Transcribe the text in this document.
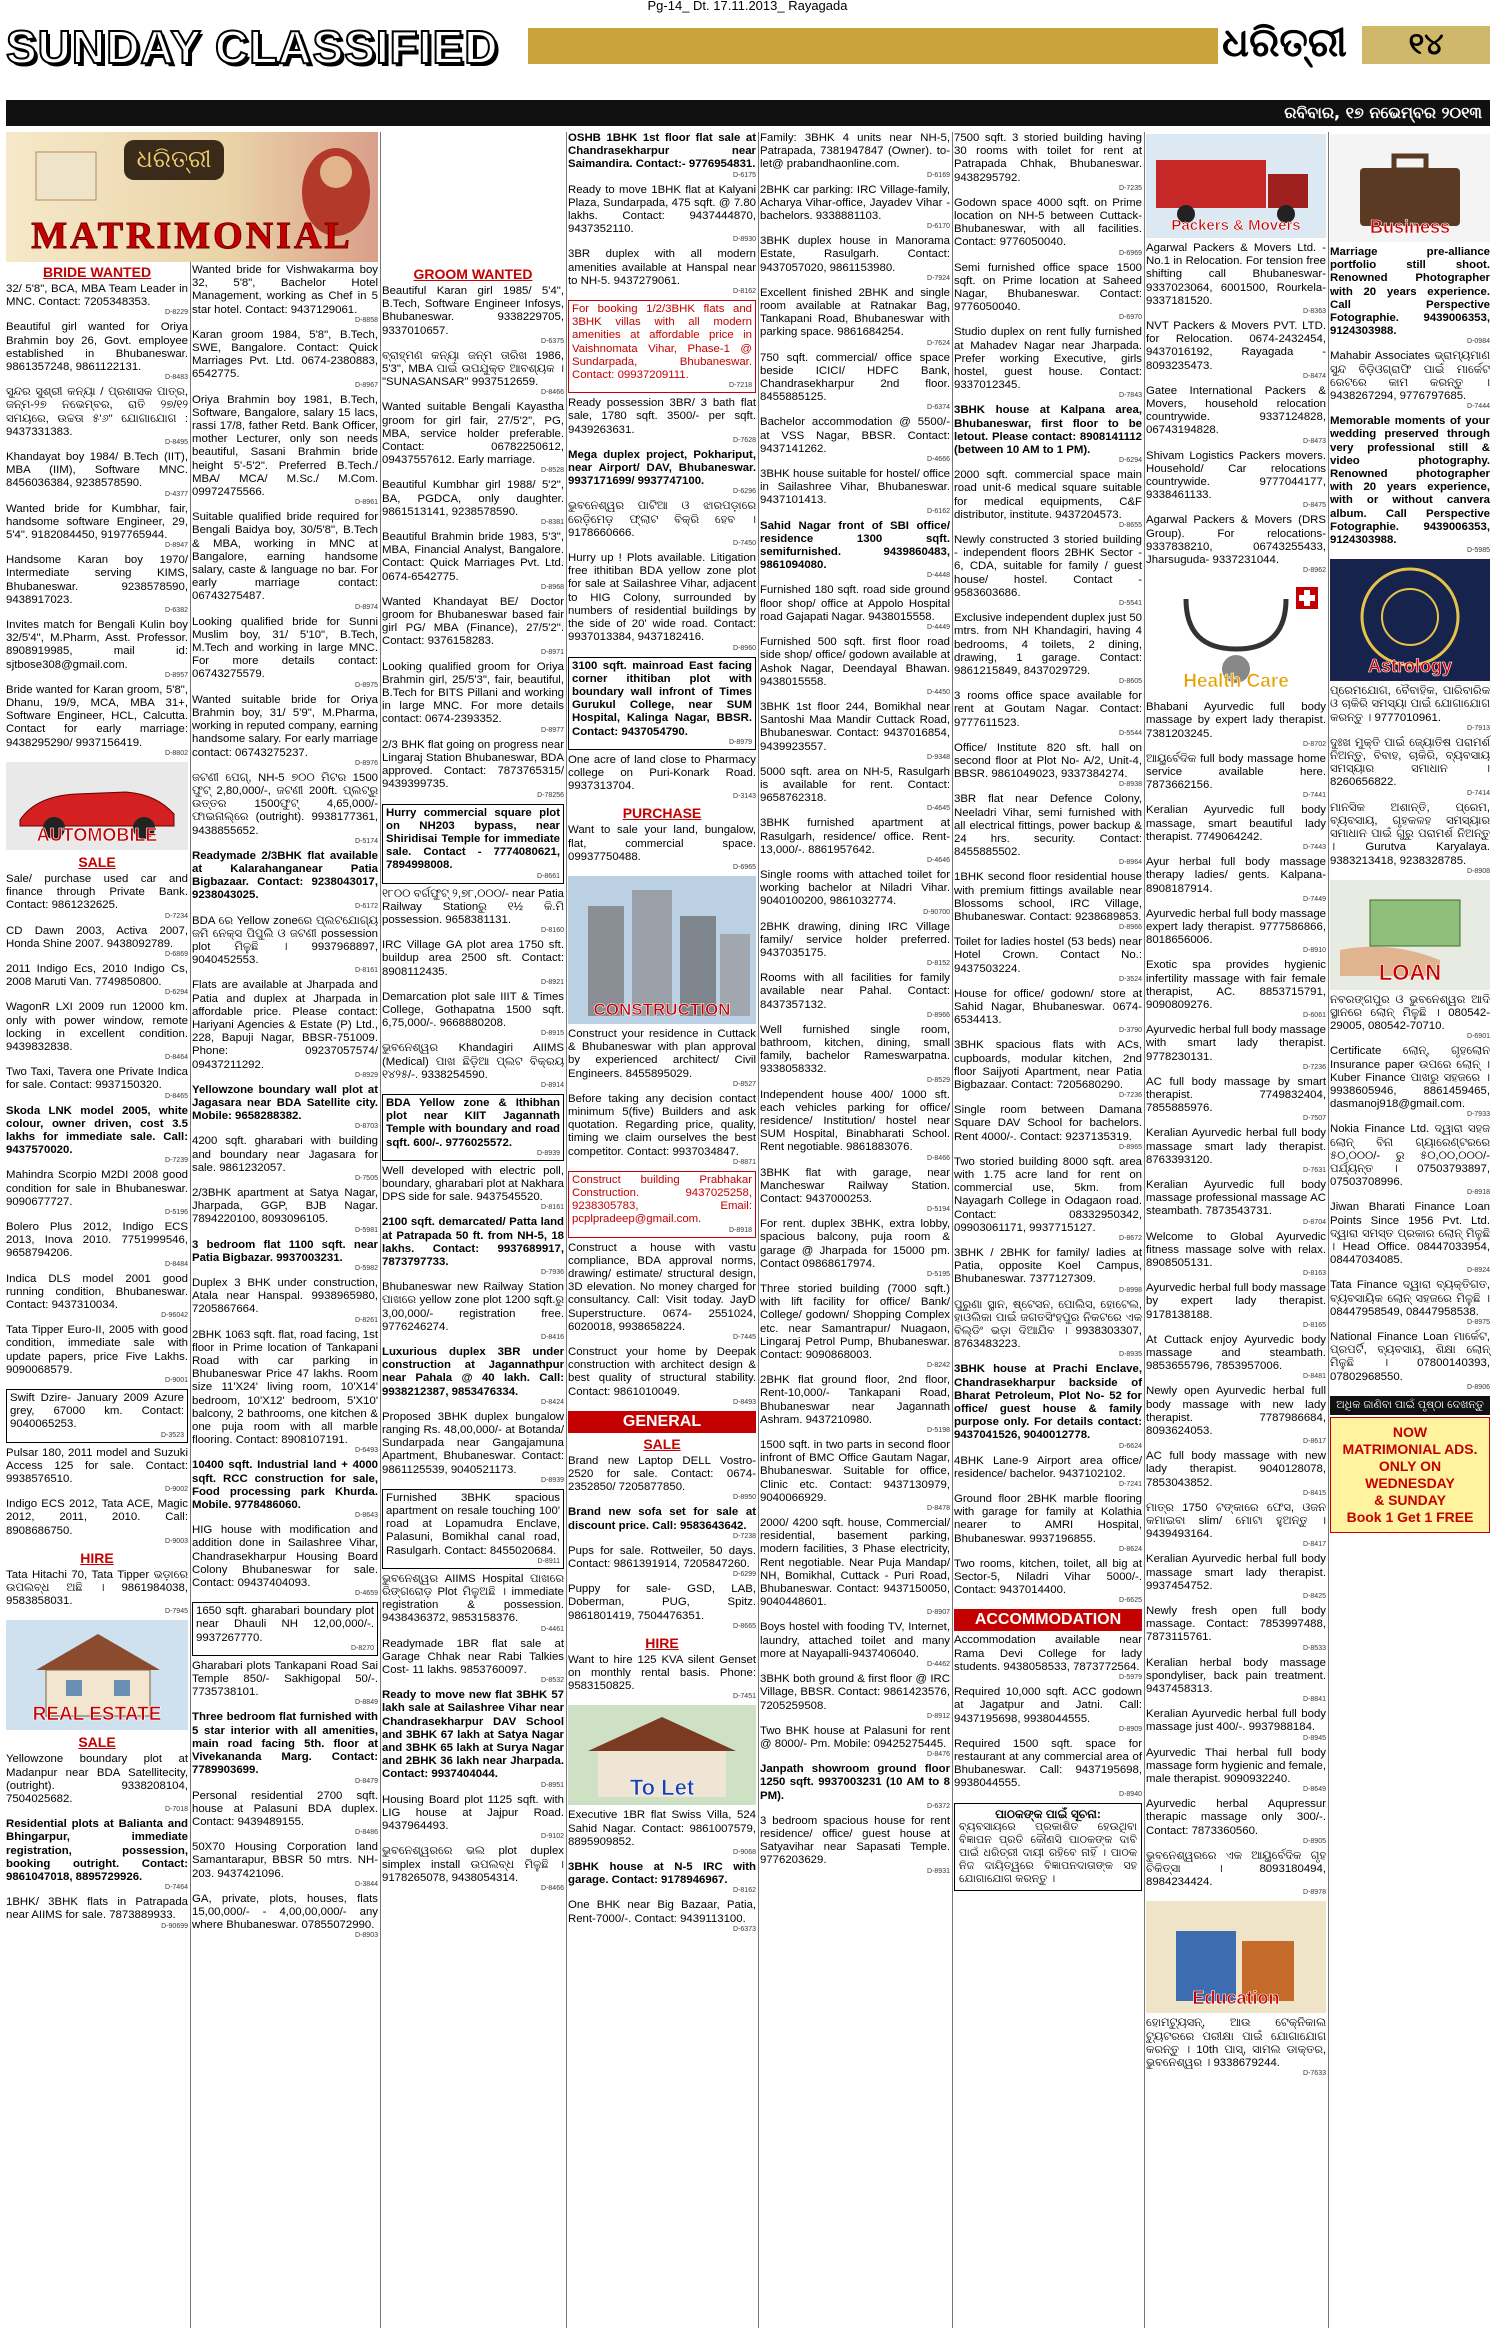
Pg-14_ Dt. 17.11.2013_ Rayagada
SUNDAY CLASSIFIED	ଧରିତ୍ରୀ	୧୪
ରବିବାର, ୧୭ ନଭେମ୍ବର ୨୦୧୩
ଧରିତ୍ରୀ
MATRIMONIAL
BRIDE WANTED
32/ 5'8", BCA, MBA Team Leader in MNC. Contact: 7205348353.
D-8229
Beautiful girl wanted for Oriya Brahmin boy 26, Govt. employee established in Bhubaneswar. 9861357248, 9861122131.
D-8483
ସୁନ୍ଦର ସୁଶ୍ରୀ କନ୍ୟା / ପ୍ରଶାସକ ପାତ୍ର, ଜନ୍ମ-୨୭ ନଭେମ୍ବର, ରାତି ୨୭/୧୨ ସମୟରେ, ଉଚ୍ଚତା ୫'୬" ଯୋଗାଯୋଗ : 9437331383.
D-8495
Khandayat boy 1984/ B.Tech (IIT), MBA (IIM), Software MNC. 8456036384, 9238578590.
D-4377
Wanted bride for Kumbhar, fair, handsome software Engineer, 29, 5'4". 9182084450, 9197765944.
D-8947
Handsome Karan boy 1970/ Intermediate serving KIMS, Bhubaneswar. 9238578590, 9438917023.
D-6382
Invites match for Bengali Kulin boy 32/5'4", M.Pharm, Asst. Professor. 8908919985, mail id: sjtbose308@gmail.com.
D-8957
Bride wanted for Karan groom, 5'8", Dhanu, 19/9, MCA, MBA 31+, Software Engineer, HCL, Calcutta. Contact for early marriage: 9438295290/ 9937156419.
D-8802
AUTOMOBILE
SALE
Sale/ purchase used car and finance through Private Bank. Contact: 9861232625.
D-7234
CD Dawn 2003, Activa 2007, Honda Shine 2007. 9438092789.
D-6869
2011 Indigo Ecs, 2010 Indigo Cs, 2008 Maruti Van. 7749850800.
D-6294
WagonR LXI 2009 run 12000 km. only with power window, remote locking in excellent condition. 9439832838.
D-8464
Two Taxi, Tavera one Private Indica for sale. Contact: 9937150320.
D-8465
Skoda LNK model 2005, white colour, owner driven, cost 3.5 lakhs for immediate sale. Call: 9437570020.
D-7239
Mahindra Scorpio M2DI 2008 good condition for sale in Bhubaneswar. 9090677727.
D-5196
Bolero Plus 2012, Indigo ECS 2013, Inova 2010. 7751999546, 9658794206.
D-8484
Indica DLS model 2001 good running condition, Bhubaneswar. Contact: 9437310034.
D-96042
Tata Tipper Euro-II, 2005 with good condition, immediate sale with update papers, price Five Lakhs. 9090068579.
D-9001
Swift Dzire- January 2009 Azure grey, 67000 km. Contact: 9040065253.
D-3523
Pulsar 180, 2011 model and Suzuki Access 125 for sale. Contact: 9938576510.
D-9002
Indigo ECS 2012, Tata ACE, Magic 2012, 2011, 2010. Call: 8908686750.
D-9003
HIRE
Tata Hitachi 70, Tata Tipper ଭଡ଼ାରେ ଉପଲବ୍ଧ ଅଛି । 9861984038, 9583858031.
D-7945
REAL ESTATE
SALE
Yellowzone boundary plot at Madanpur near BDA Satellitecity, (outright). 9338208104, 7504025682.
D-7018
Residential plots at Balianta and Bhingarpur, immediate registration, possession, booking outright. Contact: 9861047018, 8895729926.
D-7464
1BHK/ 3BHK flats in Patrapada near AIIMS for sale. 7873889933.
D-90699
Wanted bride for Vishwakarma boy 32, 5'8", Bachelor Hotel Management, working as Chef in 5 star hotel. Contact: 9437129061.
D-8858
Karan groom 1984, 5'8", B.Tech, SWE, Bangalore. Contact: Quick Marriages Pvt. Ltd. 0674-2380883, 6542775.
D-8967
Oriya Brahmin boy 1981, B.Tech, Software, Bangalore, salary 15 lacs, rassi 17/8, father Retd. Bank Officer, mother Lecturer, only son needs beautiful, Sasani Brahmin bride height 5'-5'2". Preferred B.Tech./ MBA/ MCA/ M.Sc./ M.Com. 09972475566.
D-8961
Suitable qualified bride required for Bengali Baidya boy, 30/5'8", B.Tech & MBA, working in MNC at Bangalore, earning handsome salary, caste & language no bar. For early marriage contact: 06743275487.
D-8974
Looking qualified bride for Sunni Muslim boy, 31/ 5'10", B.Tech, M.Tech and working in large MNC. For more details contact: 06743275579.
D-8975
Wanted suitable bride for Oriya Brahmin boy, 31/ 5'9", M.Pharma, working in reputed company, earning handsome salary. For early marriage contact: 06743275237.
D-8976
ଜଟଣୀ ପେଗ୍‌, NH-5 ୭୦୦ ମିଟର 1500 ଫୁଟ୍‌ 2,80,000/-, ଜଟଣୀ 200ft. ପ୍ଲଟ୍‌ରୁ ଉତ୍ତର 1500ଫୁଟ୍‌ 4,65,000/- ଫାଇନାଲ୍‌ରେ (outright). 9938177361, 9438855652.
D-5174
Readymade 2/3BHK flat available at Kalarahanganear Patia Bigbazaar. Contact: 9238043017, 9238043025.
D-6172
BDA ରେ Yellow zoneରେ ପ୍ଲଟଯୋଗ୍ୟ ଜମି ନେକ୍ସ ପିପୁଲି ଓ ଜଟଣୀ possession plot ମିଳୁଛି । 9937968897, 9040452553.
D-8161
Flats are available at Jharpada and Patia and duplex at Jharpada in affordable price. Please contact: Hariyani Agencies & Estate (P) Ltd., 228, Bapuji Nagar, BBSR-751009. Phone: 09237057574/ 09437211292.
D-8929
Yellowzone boundary wall plot at Jagasara near BDA Satellite city. Mobile: 9658288382.
D-8703
4200 sqft. gharabari with building and boundary near Jagasara for sale. 9861232057.
D-7505
2/3BHK apartment at Satya Nagar, Jharpada, GGP, BJB Nagar. 7894220100, 8093096105.
D-5981
3 bedroom flat 1100 sqft. near Patia Bigbazar. 9937003231.
D-5982
Duplex 3 BHK under construction, Atala near Hanspal. 9938965980, 7205867664.
D-8261
2BHK 1063 sqft. flat, road facing, 1st floor in Prime location of Tankapani Road with car parking in Bhubaneswar Price 47 lakhs. Room size 11'X24' living room, 10'X14' bedroom, 10'X12' bedroom, 5'X10' balcony, 2 bathrooms, one kitchen & one puja room with all marble flooring. Contact: 8908107191.
D-6493
10400 sqft. Industrial land + 4000 sqft. RCC construction for sale, Food processing park Khurda. Mobile. 9778486060.
D-8643
HIG house with modification and addition done in Sailashree Vihar, Chandrasekharpur Housing Board Colony Bhubaneswar for sale. Contact: 09437404093.
D-4659
1650 sqft. gharabari boundary plot near Dhauli NH 12,00,000/-. 9937267770.
D-8270
Gharabari plots Tankapani Road Sai Temple 850/- Sakhigopal 50/-. 7735738101.
D-8849
Three bedroom flat furnished with 5 star interior with all amenities, main road facing 5th. floor at Vivekananda Marg. Contact: 7789903699.
D-8479
Personal residential 2700 sqft. house at Palasuni BDA duplex. Contact: 9439489155.
D-8486
50X70 Housing Corporation land Samantarapur, BBSR 50 mtrs. NH-203. 9437421096.
D-3844
GA, private, plots, houses, flats 15,00,000/- - 4,00,00,000/- any where Bhubaneswar. 07855072990.
D-8903
GROOM WANTED
Beautiful Karan girl 1985/ 5'4", B.Tech, Software Engineer Infosys, Bhubaneswar. 9338229705, 9337010657.
D-6375
ବ୍ରାହ୍ମଣ କନ୍ୟା ଜନ୍ମ ତାରିଖ 1986, 5'3", MBA ପାଇଁ ଉପଯୁକ୍ତ ଆବଶ୍ୟକ । "SUNASANSAR" 9937512659.
D-8466
Wanted suitable Bengali Kayastha groom for girl fair, 27/5'2", PG, MBA, service holder preferable. Contact: 06782250612, 09437557612. Early marriage.
D-8528
Beautiful Kumbhar girl 1988/ 5'2", BA, PGDCA, only daughter. 9861513141, 9238578590.
D-8381
Beautiful Brahmin bride 1983, 5'3", MBA, Financial Analyst, Bangalore. Contact: Quick Marriages Pvt. Ltd. 0674-6542775.
D-8968
Wanted Khandayat BE/ Doctor groom for Bhubaneswar based fair girl PG/ MBA (Finance), 27/5'2". Contact: 9376158283.
D-8971
Looking qualified groom for Oriya Brahmin girl, 25/5'3", fair, beautiful, B.Tech for BITS Pillani and working in large MNC. For more details contact: 0674-2393352.
D-8977
2/3 BHK flat going on progress near Lingaraj Station Bhubaneswar, BDA approved. Contact: 7873765315/ 9439399735.
D-78256
Hurry commercial square plot on NH203 bypass, near Shiridisai Temple for immediate sale. Contact - 7774080621, 7894998008.
D-8661
୧୮୦୦ ବର୍ଗଫୁଟ୍‌ ୨,୭୮,୦୦୦/- near Patia Railway Stationରୁ ୧½ କି.ମି possession. 9658381131.
D-8160
IRC Village GA plot area 1750 sft. buildup area 2500 sft. Contact: 8908112435.
D-8921
Demarcation plot sale IIIT & Times College, Gothapatna 1500 sqft. 6,75,000/-. 9668880208.
D-8915
ଭୁବନେଶ୍ୱର Khandagiri AIIMS (Medical) ପାଖ ଛିଡ଼ିଆ ପ୍ଲଟ ବିକ୍ରୟ ୧୪୨୫/-. 9338254590.
D-8914
BDA Yellow zone & Ithibhan plot near KIIT Jagannath Temple with boundary and road sqft. 600/-. 9776025572.
D-8939
Well developed with electric poll, boundary, gharabari plot at Nakhara DPS side for sale. 9437545520.
D-8161
2100 sqft. demarcated/ Patta land at Patrapada 50 ft. from NH-5, 18 lakhs. Contact: 9937689917, 7873797733.
D-7936
Bhubaneswar new Railway Station ପାଖରେ yellow zone plot 1200 sqft.ରୁ 3,00,000/- registration free. 9776246274.
D-8416
Luxurious duplex 3BR under construction at Jagannathpur near Pahala @ 40 lakh. Call: 9938212387, 9853476334.
D-8424
Proposed 3BHK duplex bungalow ranging Rs. 48,00,000/- at Botanda/ Sundarpada near Gangajamuna Apartment, Bhubaneswar. Contact: 9861125539, 9040521173.
D-8939
Furnished 3BHK spacious apartment on resale touching 100' road at Lopamudra Enclave, Palasuni, Bomikhal canal road, Rasulgarh. Contact: 8455020684.
D-8911
ଭୁବନେଶ୍ୱର AIIMS Hospital ପାଖରେ ରିଙ୍ଗରୋଡ଼ Plot ମିଳୁଅଛି । immediate registration & possession. 9438436372, 9853158376.
D-4461
Readymade 1BR flat sale at Garage Chhak near Rabi Talkies Cost- 11 lakhs. 9853760097.
D-8532
Ready to move new flat 3BHK 57 lakh sale at Sailashree Vihar near Chandrasekharpur DAV School and 3BHK 67 lakh at Satya Nagar and 3BHK 65 lakh at Surya Nagar and 2BHK 36 lakh near Jharpada. Contact: 9937404044.
D-8951
Housing Board plot 1125 sqft. with LIG house at Jajpur Road. 9437964493.
D-9102
ଭୁବନେଶ୍ୱରରେ ଭଲ plot duplex simplex install ଉପଲବ୍ଧ ମିଳୁଛି । 9178265078, 9438054314.
D-8466
OSHB 1BHK 1st floor flat sale at Chandrasekharpur near Saimandira. Contact:- 9776954831.
D-6175
Ready to move 1BHK flat at Kalyani Plaza, Sundarpada, 475 sqft. @ 7.80 lakhs. Contact: 9437444870, 9437352110.
D-8930
3BR duplex with all modern amenities available at Hanspal near to NH-5. 9437279061.
D-8162
For booking 1/2/3BHK flats and 3BHK villas with all modern amenities at affordable price in Vaishnomata Vihar, Phase-1 @ Sundarpada, Bhubaneswar. Contact: 09937209111.
D-7218
Ready possession 3BR/ 3 bath flat sale, 1780 sqft. 3500/- per sqft. 9439263631.
D-7628
Mega duplex project, Pokhariput, near Airport/ DAV, Bhubaneswar. 9937171699/ 9937747100.
D-6296
ଭୁବନେଶ୍ୱର ପାଟିଆ ଓ ଝାରପଡ଼ାରେ ରେଡ଼ିମେଡ଼ ଫ୍ଲାଟ ବିକ୍ରି ହେବ । 9178660666.
D-7450
Hurry up ! Plots available. Litigation free ithitiban BDA yellow zone plot for sale at Sailashree Vihar, adjacent to HIG Colony, surrounded by numbers of residential buildings by the side of 20' wide road. Contact: 9937013384, 9437182416.
D-8960
3100 sqft. mainroad East facing corner ithitiban plot with boundary wall infront of Times Gurukul College, near SUM Hospital, Kalinga Nagar, BBSR. Contact: 9437054790.
D-8979
One acre of land close to Pharmacy college on Puri-Konark Road. 9937313704.
D-3143
PURCHASE
Want to sale your land, bungalow, flat, commercial space. 09937750488.
D-6965
CONSTRUCTION
Construct your residence in Cuttack & Bhubaneswar with plan approval by experienced architect/ Civil Engineers. 8455895029.
D-8527
Before taking any decision contact minimum 5(five) Builders and ask quotation. Regarding price, quality, timing we claim ourselves the best competitor. Contact: 9937034847.
D-8871
Construct building Prabhakar Construction. 9437025258, 9238305783, Email: pcplpradeep@gmail.com.
D-8918
Construct a house with vastu compliance, BDA approval norms, drawing/ estimate/ structural design, 3D elevation. No money charged for consultancy. Call: Visit today. JayD Superstructure. 0674- 2551024, 6020018, 9938658224.
D-7445
Construct your home by Deepak construction with architect design & best quality of structural stability. Contact: 9861010049.
D-8493
GENERAL
SALE
Brand new Laptop DELL Vostro-2520 for sale. Contact: 0674-2352850/ 7205877850.
D-8950
Brand new sofa set for sale at discount price. Call: 9583643642.
D-7238
Pups for sale. Rottweiler, 50 days. Contact: 9861391914, 7205847260.
D-6299
Puppy for sale- GSD, LAB, Doberman, PUG, Spitz. 9861801419, 7504476351.
D-8665
HIRE
Want to hire 125 KVA silent Genset on monthly rental basis. Phone: 9583150825.
D-7451
To Let
Executive 1BR flat Swiss Villa, 524 Sahid Nagar. Contact: 9861007579, 8895909852.
D-9068
3BHK house at N-5 IRC with garage. Contact: 9178946967.
D-8162
One BHK near Big Bazaar, Patia, Rent-7000/-. Contact: 9439113100.
D-6373
Family: 3BHK 4 units near NH-5, Patrapada, 7381947847 (Owner). to-let@ prabandhaonline.com.
D-6169
2BHK car parking: IRC Village-family, Acharya Vihar-office, Jayadev Vihar - bachelors. 9338881103.
D-6170
3BHK duplex house in Manorama Estate, Rasulgarh. Contact: 9437057020, 9861153980.
D-7924
Excellent finished 2BHK and single room available at Ratnakar Bag, Tankapani Road, Bhubaneswar with parking space. 9861684254.
D-7624
750 sqft. commercial/ office space beside ICICI/ HDFC Bank, Chandrasekharpur 2nd floor. 8455885125.
D-6374
Bachelor accommodation @ 5500/- at VSS Nagar, BBSR. Contact: 9437141262.
D-4666
3BHK house suitable for hostel/ office in Sailashree Vihar, Bhubaneswar. 9437101413.
D-6162
Sahid Nagar front of SBI office/ residence 1300 sqft. semifurnished. 9439860483, 9861094080.
D-4448
Furnished 180 sqft. road side ground floor shop/ office at Appolo Hospital road Gajapati Nagar. 9438015558.
D-4449
Furnished 500 sqft. first floor road side shop/ office/ godown available at Ashok Nagar, Deendayal Bhawan. 9438015558.
D-4450
3BHK 1st floor 244, Bomikhal near Santoshi Maa Mandir Cuttack Road, Bhubaneswar. Contact: 9437016854, 9439923557.
D-9348
5000 sqft. area on NH-5, Rasulgarh is available for rent. Contact: 9658762318.
D-4645
3BHK furnished apartment at Rasulgarh, residence/ office. Rent- 13,000/-. 8861957642.
D-4646
Single rooms with attached toilet for working bachelor at Niladri Vihar. 9040100200, 9861032774.
D-90700
2BHK drawing, dining IRC Village family/ service holder preferred. 9437035175.
D-8152
Rooms with all facilities for family available near Pahal. Contact: 8437357132.
D-8966
Well furnished single room, bathroom, kitchen, dining, small family, bachelor Rameswarpatna. 9338058332.
D-8529
Independent house 400/ 1000 sft. each vehicles parking for office/ residence/ Institution/ hostel near SUM Hospital, Binabharati School. Rent negotiable. 9861883076.
D-8466
3BHK flat with garage, near Mancheswar Railway Station. Contact: 9437000253.
D-5194
For rent. duplex 3BHK, extra lobby, spacious balcony, puja room & garage @ Jharpada for 15000 pm. Contact 09868617974.
D-5195
Three storied building (7000 sqft.) with lift facility for office/ Bank/ College/ godown/ Shopping Complex etc. near Samantrapur/ Nuagaon, Lingaraj Petrol Pump, Bhubaneswar. Contact: 9090868003.
D-8242
2BHK flat ground floor, 2nd floor, Rent-10,000/- Tankapani Road, Bhubaneswar near Jagannath Ashram. 9437210980.
D-5198
1500 sqft. in two parts in second floor infront of BMC Office Gautam Nagar, Bhubaneswar. Suitable for office, Clinic etc. Contact: 9437130979, 9040066929.
D-8478
2000/ 4200 sqft. house, Commercial/ residential, basement parking, modern facilities, 3 Phase electricity, Rent negotiable. Near Puja Mandap/ NH, Bomikhal, Cuttack - Puri Road, Bhubaneswar. Contact: 9437150050, 9040448601.
D-8907
Boys hostel with fooding TV, Internet, laundry, attached toilet and many more at Nayapalli-9437406040.
D-4462
3BHK both ground & first floor @ IRC Village, BBSR. Contact: 9861423576, 7205259508.
D-8912
Two BHK house at Palasuni for rent @ 8000/- Pm. Mobile: 09425275445.
D-8476
Janpath showroom ground floor 1250 sqft. 9937003231 (10 AM to 8 PM).
D-6372
3 bedroom spacious house for rent residence/ office/ guest house at Satyavihar near Sapasati Temple. 9776203629.
D-8931
7500 sqft. 3 storied building having 30 rooms with toilet for rent at Patrapada Chhak, Bhubaneswar. 9438295792.
D-7235
Godown space 4000 sqft. on Prime location on NH-5 between Cuttack- Bhubaneswar, with all facilities. Contact: 9776050040.
D-6969
Semi furnished office space 1500 sqft. on Prime location at Saheed Nagar, Bhubaneswar. Contact: 9776050040.
D-6970
Studio duplex on rent fully furnished at Mahadev Nagar near Jharpada. Prefer working Executive, girls hostel, guest house. Contact: 9337012345.
D-7843
3BHK house at Kalpana area, Bhubaneswar, first floor to be letout. Please contact: 8908141112 (between 10 AM to 1 PM).
D-6294
2000 sqft. commercial space main road unit-6 medical square suitable for medical equipments, C&F distributor, institute. 9437204573.
D-8655
Newly constructed 3 storied building - independent floors 2BHK Sector - 6, CDA, suitable for family / guest house/ hostel. Contact - 9583603686.
D-5541
Exclusive independent duplex just 50 mtrs. from NH Khandagiri, having 4 bedrooms, 4 toilets, 2 dining, drawing, 1 garage. Contact: 9861215849, 8437029729.
D-8605
3 rooms office space available for rent at Goutam Nagar. Contact: 9777611523.
D-5544
Office/ Institute 820 sft. hall on second floor at Plot No- A/2, Unit-4, BBSR. 9861049023, 9337384274.
D-8938
3BR flat near Defence Colony, Neeladri Vihar, semi furnished with all electrical fittings, power backup & 24 hrs. security. Contact: 8455885502.
D-8964
1BHK second floor residential house with premium fittings available near Blossoms school, IRC Village, Bhubaneswar. Contact: 9238689853.
D-8966
Toilet for ladies hostel (53 beds) near Hotel Crown. Contact No.: 9437503224.
D-3524
House for office/ godown/ store at Sahid Nagar, Bhubaneswar. 0674-6534413.
D-3790
3BHK spacious flats with ACs, cupboards, modular kitchen, 2nd floor Saijyoti Apartment, near Patia Bigbazaar. Contact: 7205680290.
D-7236
Single room between Damana Square DAV School for bachelors. Rent 4000/-. Contact: 9237135319.
D-8965
Two storied building 8000 sqft. area with 1.75 acre land for rent on commercial use, 5km. from Nayagarh College in Odagaon road. Contact: 08332950342, 09903061171, 9937715127.
D-8672
3BHK / 2BHK for family/ ladies at Patia, opposite Koel Campus, Bhubaneswar. 7377127309.
D-8998
ପୁରୁଣା ସ୍ଥାନ, ଷ୍ଟେସନ, ପୋଲିସ, ହୋଟେଲ, ହାଓଲିକା ପାଇଁ ଜଗତସିଂହପୁର ନିକଟରେ ଏକ ବିଲ୍ଡିଂ ଭଡ଼ା ଦିଆଯିବ । 9938303307, 8763483223.
D-8935
3BHK house at Prachi Enclave, Chandrasekharpur backside of Bharat Petroleum, Plot No- 52 for office/ guest house & family purpose only. For details contact: 9437041526, 9040012778.
D-6624
4BHK Lane-9 Airport area office/ residence/ bachelor. 9437102102.
D-7241
Ground floor 2BHK marble flooring with garage for family at Kolathia nearer to AMRI Hospital, Bhubaneswar. 9937196855.
D-8624
Two rooms, kitchen, toilet, all big at Sector-5, Niladri Vihar 5000/-. Contact: 9437014400.
D-6625
ACCOMMODATION
Accommodation available near Rama Devi College for lady students. 9438058533, 7873772564.
D-5979
Required 10,000 sqft. ACC godown at Jagatpur and Jatni. Call: 9437195698, 9938044555.
D-8909
Required 1500 sqft. space for restaurant at any commercial area of Bhubaneswar. Call: 9437195698, 9938044555.
D-8940
ପାଠକଙ୍କ ପାଇଁ ସୂଚନା:
ବ୍ୟବସାୟରେ ପ୍ରକାଶିତ ହେଉଥିବା ବିଜ୍ଞାପନ ପ୍ରତି କୌଣସି ପାଠକଙ୍କ ଦାବି ପାଇଁ ଧରିତ୍ରୀ ଦାୟୀ ରହିବେ ନାହିଁ । ପାଠକ ନିଜ ଦାୟିତ୍ୱରେ ବିଜ୍ଞାପନଦାତାଙ୍କ ସହ ଯୋଗାଯୋଗ କରନ୍ତୁ ।
Packers & Movers
Agarwal Packers & Movers Ltd. - No.1 in Relocation. For tension free shifting call Bhubaneswar- 9337023064, 6001500, Rourkela- 9337181520.
D-8363
NVT Packers & Movers PVT. LTD. for Relocation. 0674-2432454, 9437016192, Rayagada - 8093235473.
D-8474
Gatee International Packers & Movers, household relocation countrywide. 9337124828, 06743194828.
D-8473
Shivam Logistics Packers movers. Household/ Car relocations countrywide. 9777044177, 9338461133.
D-8475
Agarwal Packers & Movers (DRS Group). For relocations-9337838210, 06743255433, Jharsuguda- 9337231044.
D-8962
Health Care
Bhabani Ayurvedic full body massage by expert lady therapist. 7381203245.
D-8702
ଆୟୁର୍ବେଦିକ full body massage home service available here. 7873662156.
D-7441
Keralian Ayurvedic full body massage, smart beautiful lady therapist. 7749064242.
D-7443
Ayur herbal full body massage therapy ladies/ gents. Kalpana- 8908187914.
D-7449
Ayurvedic herbal full body massage expert lady therapist. 9777586866, 8018656006.
D-8910
Exotic spa provides hygienic infertility massage with fair female therapist, AC. 8853715791, 9090809276.
D-6061
Ayurvedic herbal full body massage with smart lady therapist. 9778230131.
D-7236
AC full body massage by smart therapist. 7749832404, 7855885976.
D-7507
Keralian Ayurvedic herbal full body massage smart lady therapist. 8763393120.
D-7631
Keralian Ayurvedic full body massage professional massage AC steambath. 7873543731.
D-8704
Welcome to Global Ayurvedic fitness massage solve with relax. 8908505131.
D-8163
Ayurvedic herbal full body massage by expert lady therapist. 9178138188.
D-8165
At Cuttack enjoy Ayurvedic body massage and steambath. 9853655796, 7853957006.
D-8481
Newly open Ayurvedic herbal full body massage with new lady therapist. 7787986684, 8093624053.
D-8617
AC full body massage with new lady therapist. 9040128078, 7853043852.
D-8415
ମାତ୍ର 1750 ଟଙ୍କାରେ ଫେସ, ଓଜନ କମାଇବା slim/ ମୋଟା ହୁଅନ୍ତୁ । 9439493164.
D-8417
Keralian Ayurvedic herbal full body massage smart lady therapist. 9937454752.
D-8425
Newly fresh open full body massage. Contact: 7853997488, 7873115761.
D-8533
Keralian herbal body massage spondyliser, back pain treatment. 9437458313.
D-8841
Keralian Ayurvedic herbal full body massage just 400/-. 9937988184.
D-8945
Ayurvedic Thai herbal full body massage form hygienic and female, male therapist. 9090932240.
D-8649
Ayurvedic herbal Aqupressur therapic massage only 300/-. Contact: 7873360560.
D-8905
ଭୁବନେଶ୍ୱରରେ ଏକ ଆୟୁର୍ବେଦିକ ଗୃହ ଚିକିତ୍ସା । 8093180494, 8984234424.
D-8978
Education
ହୋମଟ୍ୟୁସନ୍, ଆଉ ଟେକ୍ନିକାଲ ଟ୍ୟୁଟରରେ ପରୀକ୍ଷା ପାଇଁ ଯୋଗାଯୋଗ କରନ୍ତୁ । 10th ପାସ୍, ସାମଲ ଡାକ୍ତର, ଭୁବନେଶ୍ୱର । 9338679244.
D-7633
Business
Marriage pre-alliance portfolio still shoot. Renowned Photographer with 20 years experience. Call Perspective Fotographie. 9439006353, 9124303988.
D-0984
Mahabir Associates ଭ୍ରାମ୍ୟମାଣ ସୁନ୍ଦ ବିଡ଼ିଓଗ୍ରାଫି ପାଇଁ ମାର୍କେଟ ରେଟରେ କାମ କରନ୍ତୁ । 9438267294, 9776797685.
D-7444
Memorable moments of your wedding preserved through very professional still & video photography. Renowned photographer with 20 years experience, with or without canvera album. Call Perspective Fotographie. 9439006353, 9124303988.
D-5985
Astrology
ପ୍ରେମଯୋଗ, ବୈବାହିକ, ପାରିବାରିକ ଓ ଚାକିରି ସମସ୍ୟା ପାଇଁ ଯୋଗାଯୋଗ କରନ୍ତୁ । 9777010961.
D-7913
ଦୁଃଖ ମୁକ୍ତି ପାଇଁ ଜ୍ୟୋତିଷ ପରାମର୍ଶ ନିଅନ୍ତୁ, ବିବାହ, ଚାକିରି, ବ୍ୟବସାୟ ସମସ୍ୟାର ସମାଧାନ । 8260656822.
D-7414
ମାନସିକ ଅଶାନ୍ତି, ପ୍ରେମ, ବ୍ୟବସାୟ, ଗୃହକଳହ ସମସ୍ୟାର ସମାଧାନ ପାଇଁ ଗୁରୁ ପରାମର୍ଶ ନିଅନ୍ତୁ । Gurutva Karyalaya. 9383213418, 9238328785.
D-8908
LOAN
ନବରଙ୍ଗପୁର ଓ ଭୁବନେଶ୍ୱର ଆଦି ସ୍ଥାନରେ ଲୋନ୍ ମିଳୁଛି । 080542-29005, 080542-70710.
D-6901
Certificate ଲୋନ୍, ଗୃହଲୋନ Insurance paper ଉପରେ ଲୋନ୍ । Kuber Finance ପାଖରୁ ସହଜରେ । 9938605946, 8861459465, dasmanoj918@gmail.com.
D-7933
Nokia Finance Ltd. ଦ୍ୱାରା ସହଜ ଲୋନ୍ ବିନା ଗ୍ୟାରେଣ୍ଟରରେ ୫୦,୦୦୦/- ରୁ ୫୦,୦୦,୦୦୦/- ପର୍ଯ୍ୟନ୍ତ । 07503793897, 07503708996.
D-8918
Jiwan Bharati Finance Loan Points Since 1956 Pvt. Ltd. ଦ୍ୱାରା ସମସ୍ତ ପ୍ରକାର ଲୋନ୍ ମିଳୁଛି । Head Office. 08447033954, 08447034085.
D-8924
Tata Finance ଦ୍ୱାରା ବ୍ୟକ୍ତିଗତ, ବ୍ୟବସାୟିକ ଲୋନ୍ ସହଜରେ ମିଳୁଛି । 08447958549, 08447958538.
D-8975
National Finance Loan ମାର୍କେଟ, ପ୍ରପର୍ଟି, ବ୍ୟବସାୟ, ଶିକ୍ଷା ଲୋନ୍ ମିଳୁଛି । 07800140393, 07802968550.
D-8906
ଅଧିକ ଜାଣିବା ପାଇଁ ପୃଷ୍ଠା ଦେଖନ୍ତୁ
NOW
MATRIMONIAL ADS.
ONLY ON
WEDNESDAY
& SUNDAY
Book 1 Get 1 FREE
